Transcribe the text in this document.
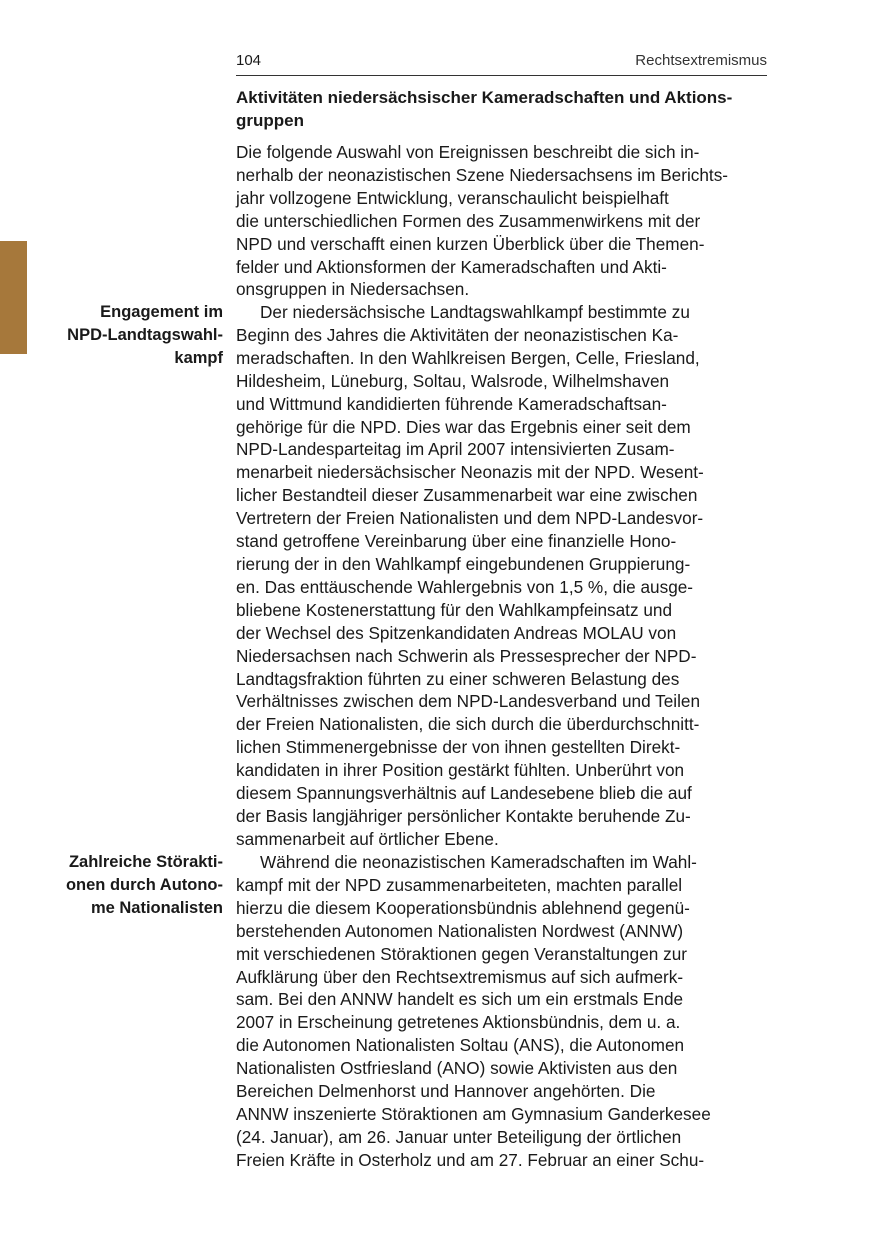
104	Rechtsextremismus
Aktivitäten niedersächsischer Kameradschaften und Aktions-
gruppen
Die folgende Auswahl von Ereignissen beschreibt die sich in-
nerhalb der neonazistischen Szene Niedersachsens im Berichts-
jahr vollzogene Entwicklung, veranschaulicht beispielhaft
die unterschiedlichen Formen des Zusammenwirkens mit der
NPD und verschafft einen kurzen Überblick über die Themen-
felder und Aktionsformen der Kameradschaften und Akti-
onsgruppen in Niedersachsen.
Der niedersächsische Landtagswahlkampf bestimmte zu
Beginn des Jahres die Aktivitäten der neonazistischen Ka-
meradschaften. In den Wahlkreisen Bergen, Celle, Friesland,
Hildesheim, Lüneburg, Soltau, Walsrode, Wilhelmshaven
und Wittmund kandidierten führende Kameradschaftsan-
gehörige für die NPD. Dies war das Ergebnis einer seit dem
NPD-Landesparteitag im April 2007 intensivierten Zusam-
menarbeit niedersächsischer Neonazis mit der NPD. Wesent-
licher Bestandteil dieser Zusammenarbeit war eine zwischen
Vertretern der Freien Nationalisten und dem NPD-Landesvor-
stand getroffene Vereinbarung über eine finanzielle Hono-
rierung der in den Wahlkampf eingebundenen Gruppierung-
en. Das enttäuschende Wahlergebnis von 1,5 %, die ausge-
bliebene Kostenerstattung für den Wahlkampfeinsatz und
der Wechsel des Spitzenkandidaten Andreas MOLAU von
Niedersachsen nach Schwerin als Pressesprecher der NPD-
Landtagsfraktion führten zu einer schweren Belastung des
Verhältnisses zwischen dem NPD-Landesverband und Teilen
der Freien Nationalisten, die sich durch die überdurchschnitt-
lichen Stimmenergebnisse der von ihnen gestellten Direkt-
kandidaten in ihrer Position gestärkt fühlten. Unberührt von
diesem Spannungsverhältnis auf Landesebene blieb die auf
der Basis langjähriger persönlicher Kontakte beruhende Zu-
sammenarbeit auf örtlicher Ebene.
Während die neonazistischen Kameradschaften im Wahl-
kampf mit der NPD zusammenarbeiteten, machten parallel
hierzu die diesem Kooperationsbündnis ablehnend gegenü-
berstehenden Autonomen Nationalisten Nordwest (ANNW)
mit verschiedenen Störaktionen gegen Veranstaltungen zur
Aufklärung über den Rechtsextremismus auf sich aufmerk-
sam. Bei den ANNW handelt es sich um ein erstmals Ende
2007 in Erscheinung getretenes Aktionsbündnis, dem u. a.
die Autonomen Nationalisten Soltau (ANS), die Autonomen
Nationalisten Ostfriesland (ANO) sowie Aktivisten aus den
Bereichen Delmenhorst und Hannover angehörten. Die
ANNW inszenierte Störaktionen am Gymnasium Ganderkesee
(24. Januar), am 26. Januar unter Beteiligung der örtlichen
Freien Kräfte in Osterholz und am 27. Februar an einer Schu-
Engagement im
NPD-Landtagswahl-
kampf
Zahlreiche Störakti-
onen durch Autono-
me Nationalisten
